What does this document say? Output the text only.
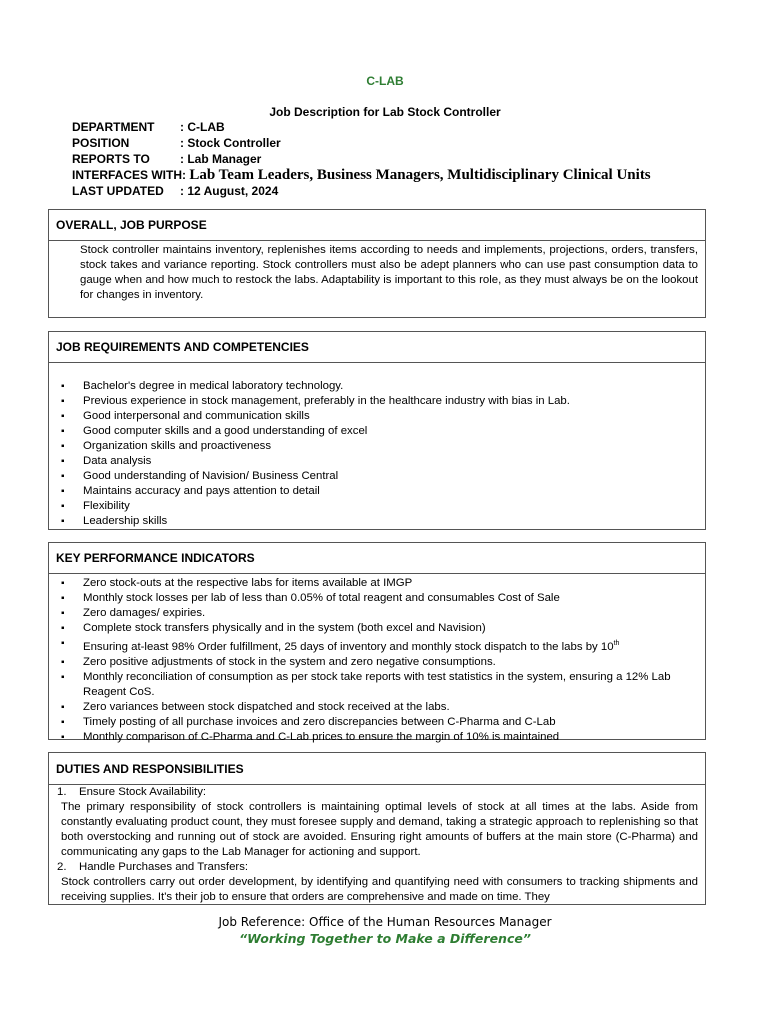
C-LAB
Job Description for Lab Stock Controller
DEPARTMENT : C-LAB
POSITION	: Stock Controller
REPORTS TO	: Lab Manager
INTERFACES WITH: Lab Team Leaders, Business Managers, Multidisciplinary Clinical Units
LAST UPDATED : 12 August, 2024
OVERALL, JOB PURPOSE
Stock controller maintains inventory, replenishes items according to needs and implements, projections, orders, transfers, stock takes and variance reporting. Stock controllers must also be adept planners who can use past consumption data to gauge when and how much to restock the labs. Adaptability is important to this role, as they must always be on the lookout for changes in inventory.
JOB REQUIREMENTS AND COMPETENCIES
▪ Bachelor's degree in medical laboratory technology.
▪ Previous experience in stock management, preferably in the healthcare industry with bias in Lab.
▪ Good interpersonal and communication skills
▪ Good computer skills and a good understanding of excel
▪ Organization skills and proactiveness
▪ Data analysis
▪ Good understanding of Navision/ Business Central
▪ Maintains accuracy and pays attention to detail
▪ Flexibility
▪ Leadership skills
KEY PERFORMANCE INDICATORS
▪ Zero stock-outs at the respective labs for items available at IMGP
▪ Monthly stock losses per lab of less than 0.05% of total reagent and consumables Cost of Sale
▪ Zero damages/ expiries.
▪ Complete stock transfers physically and in the system (both excel and Navision)
▪ Ensuring at-least 98% Order fulfillment, 25 days of inventory and monthly stock dispatch to the labs by 10th
▪ Zero positive adjustments of stock in the system and zero negative consumptions.
▪ Monthly reconciliation of consumption as per stock take reports with test statistics in the system, ensuring a 12% Lab Reagent CoS.
▪ Zero variances between stock dispatched and stock received at the labs.
▪ Timely posting of all purchase invoices and zero discrepancies between C-Pharma and C-Lab
▪ Monthly comparison of C-Pharma and C-Lab prices to ensure the margin of 10% is maintained
DUTIES AND RESPONSIBILITIES
1. Ensure Stock Availability:
The primary responsibility of stock controllers is maintaining optimal levels of stock at all times at the labs. Aside from constantly evaluating product count, they must foresee supply and demand, taking a strategic approach to replenishing so that both overstocking and running out of stock are avoided. Ensuring right amounts of buffers at the main store (C-Pharma) and communicating any gaps to the Lab Manager for actioning and support.
2. Handle Purchases and Transfers:
Stock controllers carry out order development, by identifying and quantifying need with consumers to tracking shipments and receiving supplies. It's their job to ensure that orders are comprehensive and made on time. They
Job Reference: Office of the Human Resources Manager
“Working Together to Make a Difference”
